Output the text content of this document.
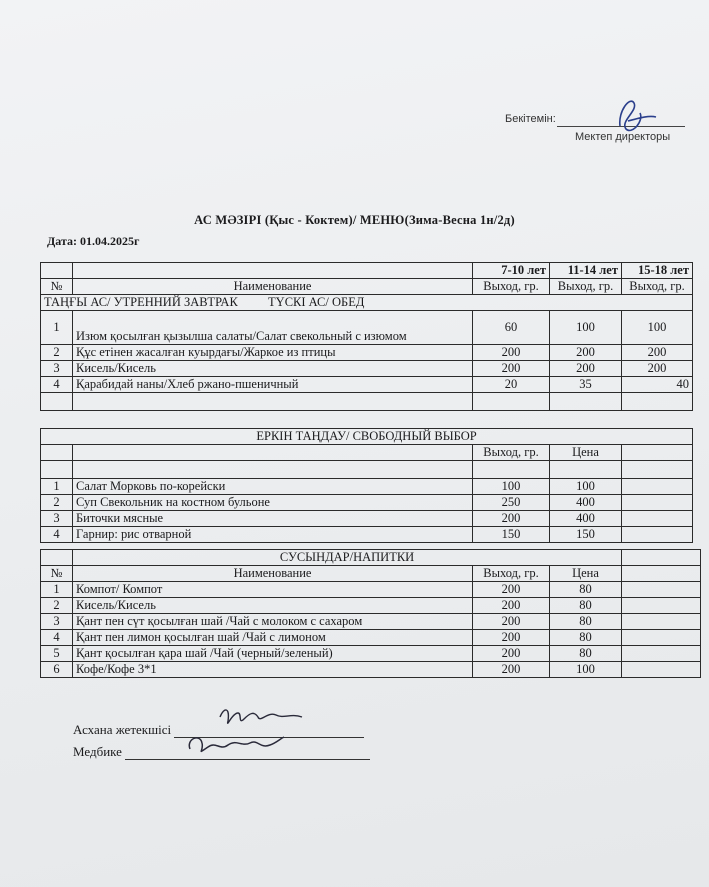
Бекітемін:
Мектеп директоры
АС МӘЗІРІ (Қыс - Коктем)/ МЕНЮ(Зима-Весна 1н/2д)
Дата: 01.04.2025г
		7-10 лет	11-14 лет	15-18 лет
№	Наименование	Выход, гр.	Выход, гр.	Выход, гр.
ТАҢҒЫ АС/ УТРЕННИЙ ЗАВТРАК ТҮСКІ АС/ ОБЕД				
1	Изюм қосылған қызылша салаты/Салат свекольный с изюмом	60	100	100
2	Құс етінен жасалған куырдағы/Жаркое из птицы	200	200	200
3	Кисель/Кисель	200	200	200
4	Қарабидай наны/Хлеб ржано-пшеничный	20	35	40

ЕРКІН ТАҢДАУ/ СВОБОДНЫЙ ВЫБОР				
		Выход, гр.	Цена	

1	Салат Морковь по-корейски	100	100	
2	Суп Свекольник на костном бульоне	250	400	
3	Биточки мясные	200	400	
4	Гарнир: рис отварной	150	150	
	СУСЫНДАР/НАПИТКИ			
№	Наименование	Выход, гр.	Цена	
1	Компот/ Компот	200	80	
2	Кисель/Кисель	200	80	
3	Қант пен сүт қосылған шай /Чай с молоком с сахаром	200	80	
4	Қант пен лимон қосылған шай /Чай с лимоном	200	80	
5	Қант қосылған қара шай /Чай (черный/зеленый)	200	80	
6	Кофе/Кофе 3*1	200	100	
Асхана жетекшісі
Медбике
